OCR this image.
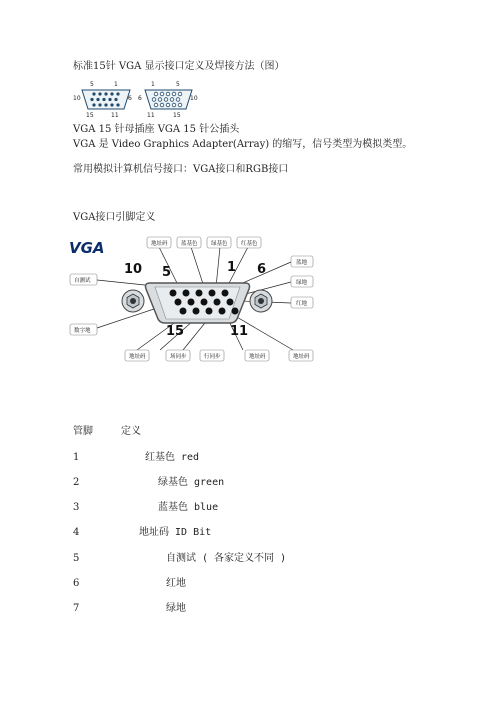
标准15针 VGA 显示接口定义及焊接方法（图）
5	1
10	6
15	11
1	5
6	10
11	15
VGA 15 针母插座 VGA 15 针公插头
VGA 是 Video Graphics Adapter(Array) 的缩写，信号类型为模拟类型。
常用模拟计算机信号接口：VGA接口和RGB接口
VGA接口引脚定义
VGA
10 5	1 6
15	11
地址码 蓝基色 绿基色 红基色
自测试
数字地
蓝地
绿地
红地
地址码	场同步	行同步	地址码	地址码
管脚	定义
1	红基色 red
2	绿基色 green
3	蓝基色 blue
4	地址码 ID Bit
5	自测试 ( 各家定义不同 )
6	红地
7	绿地
